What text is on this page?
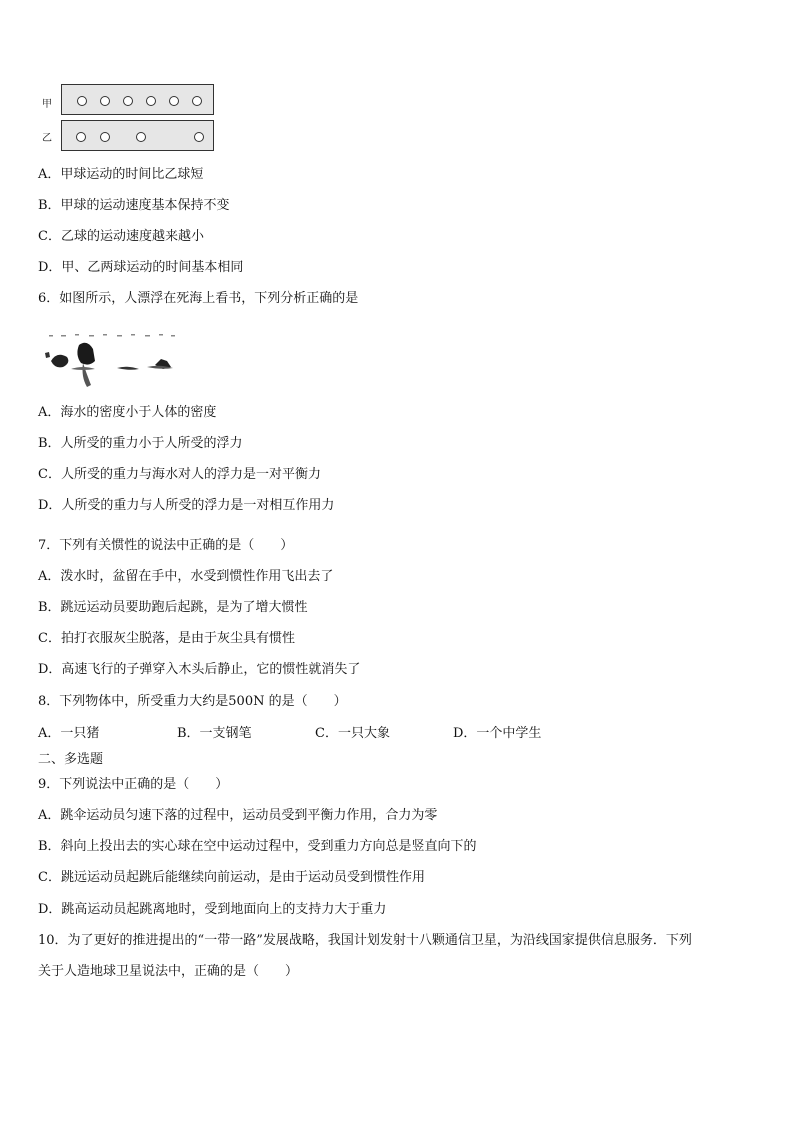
甲
乙
A．甲球运动的时间比乙球短
B．甲球的运动速度基本保持不变
C．乙球的运动速度越来越小
D．甲、乙两球运动的时间基本相同
6．如图所示，人漂浮在死海上看书，下列分析正确的是
A．海水的密度小于人体的密度
B．人所受的重力小于人所受的浮力
C．人所受的重力与海水对人的浮力是一对平衡力
D．人所受的重力与人所受的浮力是一对相互作用力
7．下列有关惯性的说法中正确的是（　　）
A．泼水时，盆留在手中，水受到惯性作用飞出去了
B．跳远运动员要助跑后起跳，是为了增大惯性
C．拍打衣服灰尘脱落，是由于灰尘具有惯性
D．高速飞行的子弹穿入木头后静止，它的惯性就消失了
8．下列物体中，所受重力大约是500N 的是（　　）
A．一只猪	B．一支钢笔	C．一只大象	D．一个中学生
二、多选题
9．下列说法中正确的是（　　）
A．跳伞运动员匀速下落的过程中，运动员受到平衡力作用，合力为零
B．斜向上投出去的实心球在空中运动过程中，受到重力方向总是竖直向下的
C．跳远运动员起跳后能继续向前运动，是由于运动员受到惯性作用
D．跳高运动员起跳离地时，受到地面向上的支持力大于重力
10．为了更好的推进提出的“一带一路”发展战略，我国计划发射十八颗通信卫星，为沿线国家提供信息服务．下列
关于人造地球卫星说法中，正确的是（　　）
